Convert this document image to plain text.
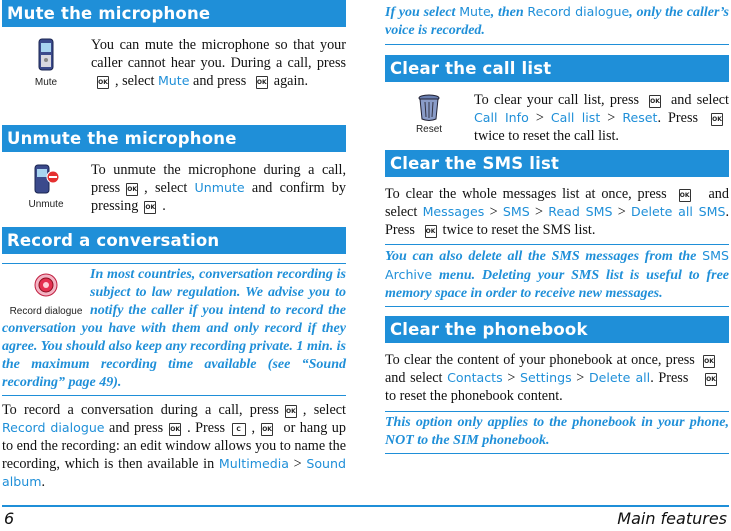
Mute the microphone
Mute

You can mute the microphone so that your caller cannot hear you. During a call, pressOK , select Mute and press OK again.

Unmute the microphone
Unmute

To unmute the microphone during a call, press OK , select Unmute and confirm by pressing OK .

Record a conversation
Record dialogue
In most countries, conversation recording is subject to law regulation. We advise you to notify the caller if you intend to record the conversation you have with them and only record if they agree. You should also keep any recording private. 1 min. is the maximum recording time available (see “Sound recording” page 49).

To record a conversation during a call, press OK , select Record dialogue and press OK . Press C , OK or hang up to end the recording: an edit window allows you to name the recording, which is then available in Multimedia > Sound album.

If you select Mute, then Record dialogue, only the caller’s voice is recorded.
Clear the call list
Reset

To clear your call list, press OK and select Call Info > Call list > Reset. Press OKtwice to reset the call list.

Clear the SMS list

To clear the whole messages list at once, press OK and select Messages > SMS > Read SMS > Delete all SMS. Press OK twice to reset the SMS list.

You can also delete all the SMS messages from the SMS Archive menu. Deleting your SMS list is useful to free memory space in order to receive new messages.
Clear the phonebook

To clear the content of your phonebook at once, press OKand select Contacts > Settings > Delete all. Press	OKto reset the phonebook content.

This option only applies to the phonebook in your phone, NOT to the SIM phonebook.
6	Main features
